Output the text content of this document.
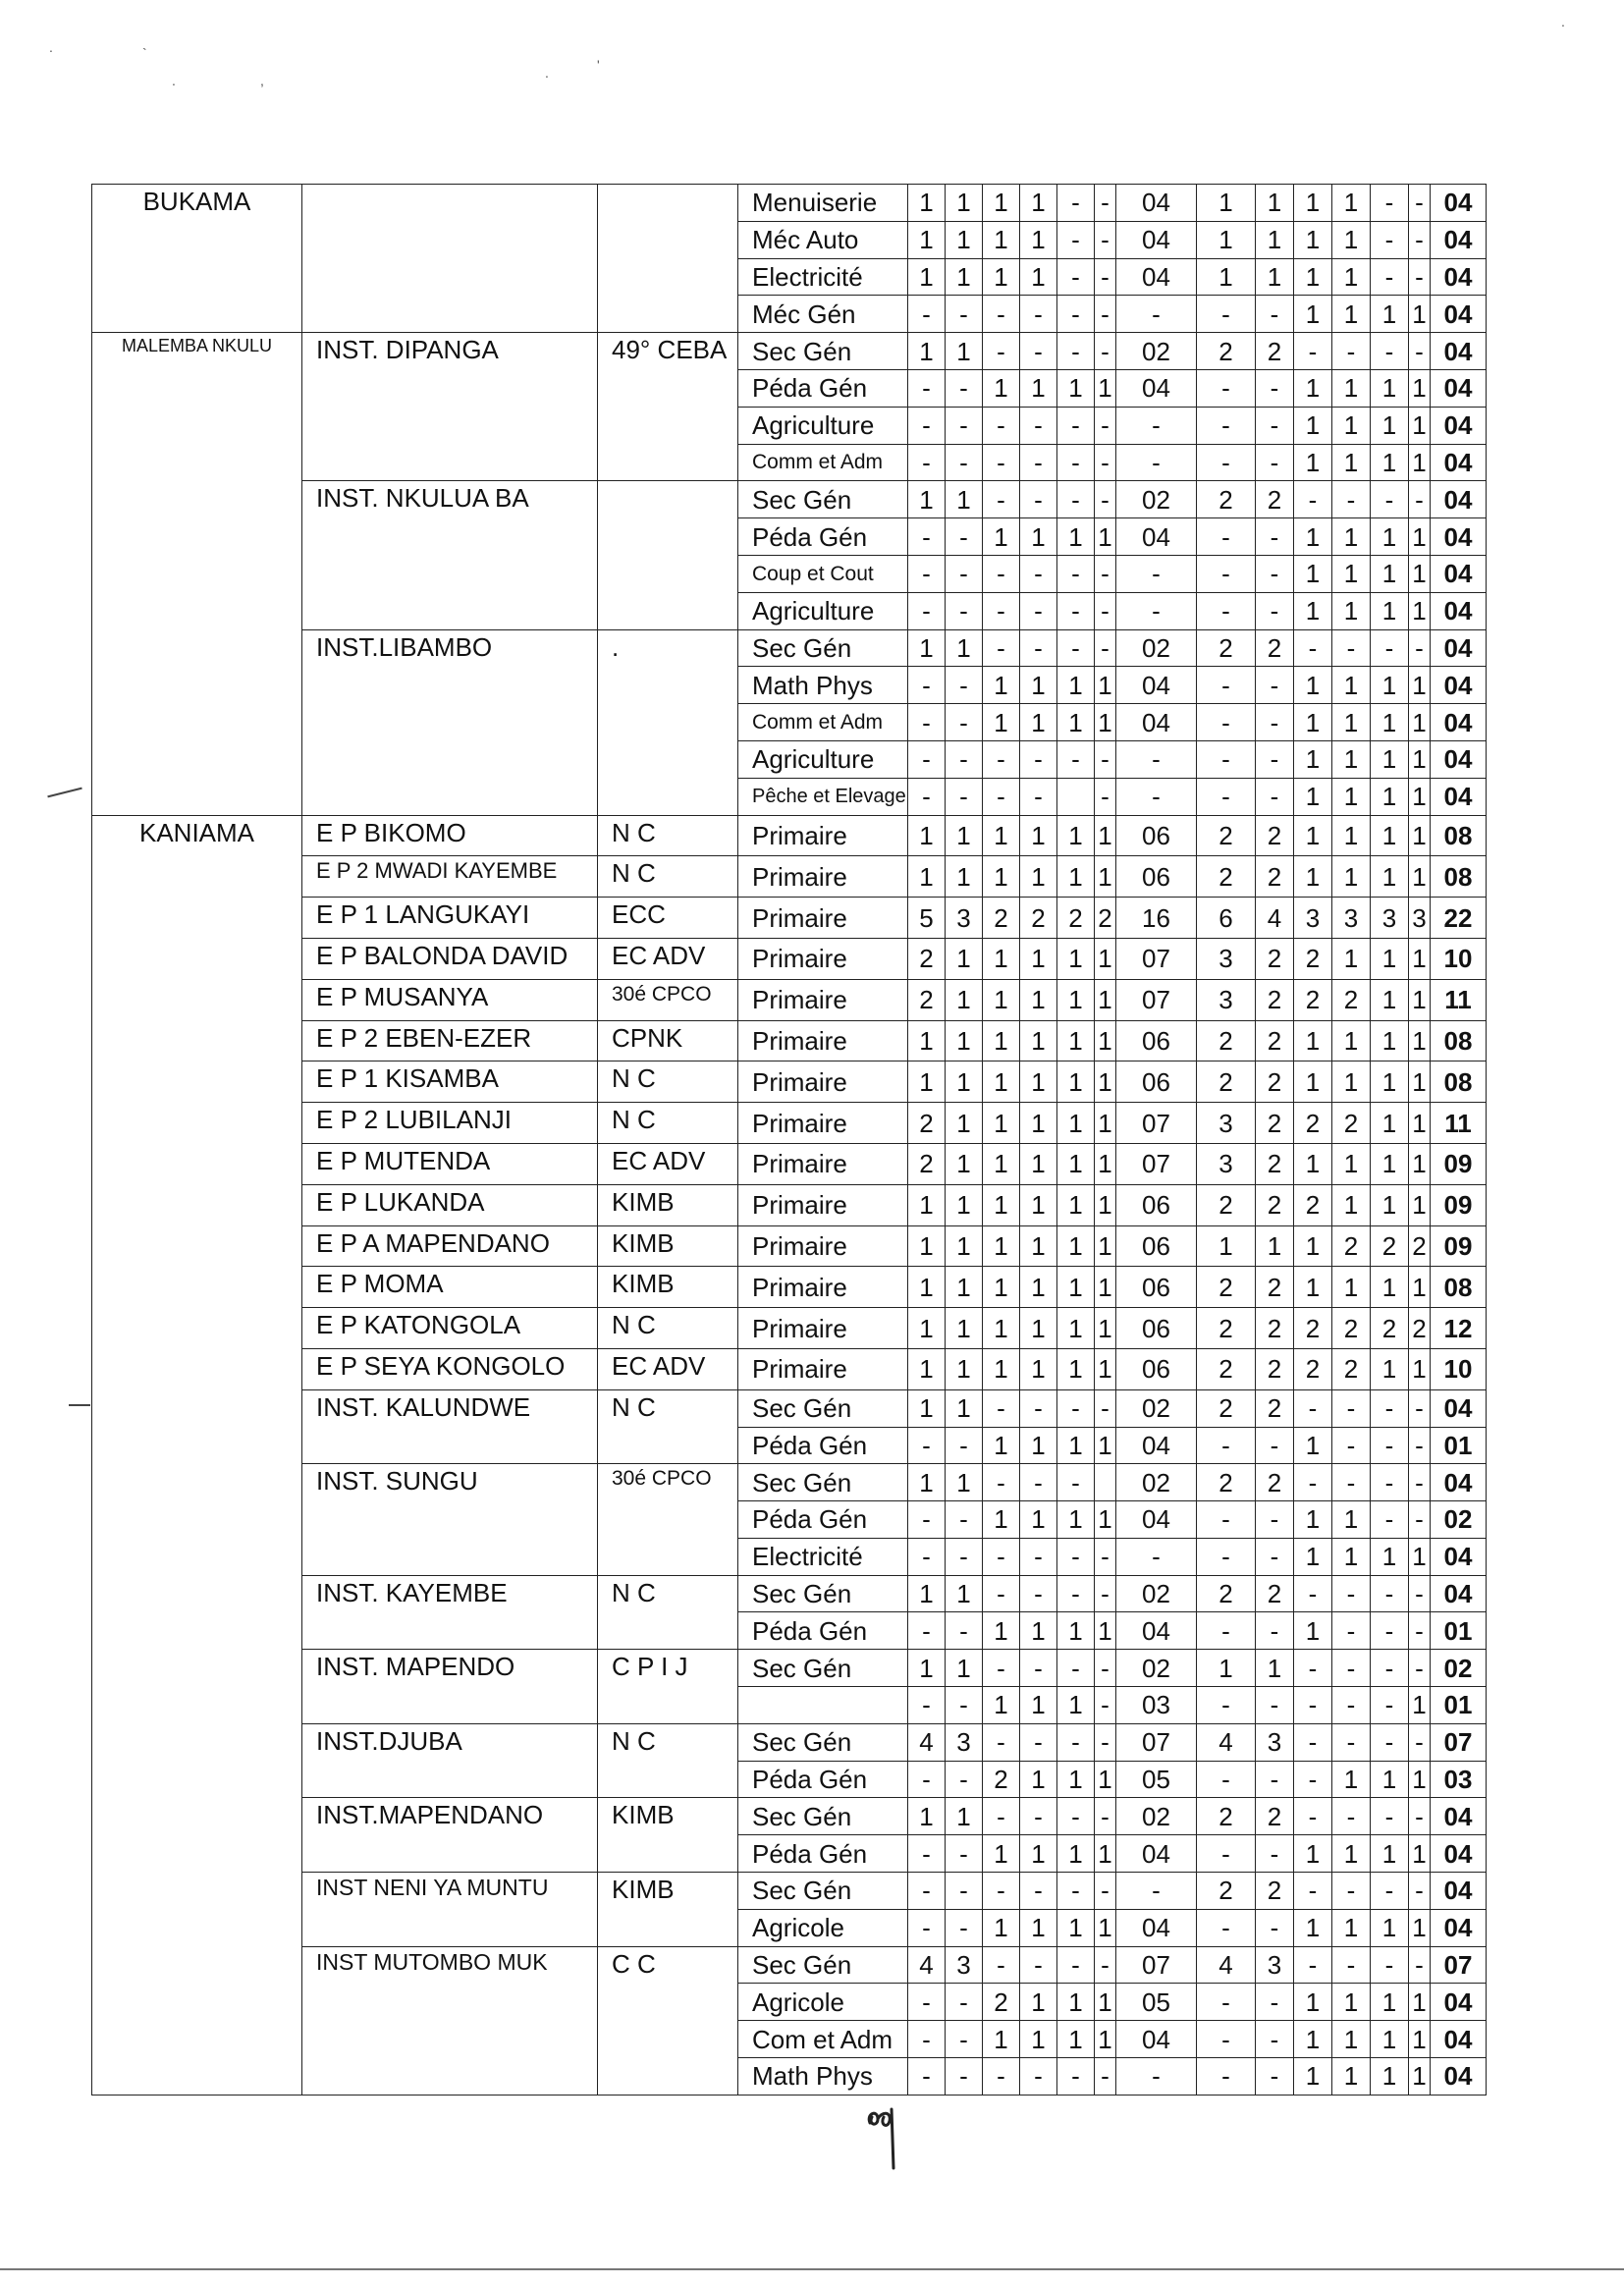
.	`
.	,	.	'
.
BUKAMA			Menuiserie	1	1	1	1	-	-	04	1	1	1	1	-	-	04
			Méc Auto	1	1	1	1	-	-	04	1	1	1	1	-	-	04
			Electricité	1	1	1	1	-	-	04	1	1	1	1	-	-	04
			Méc Gén	-	-	-	-	-	-	-	-	-	1	1	1	1	04
MALEMBA NKULU	INST. DIPANGA	49° CEBA	Sec Gén	1	1	-	-	-	-	02	2	2	-	-	-	-	04
			Péda Gén	-	-	1	1	1	1	04	-	-	1	1	1	1	04
			Agriculture	-	-	-	-	-	-	-	-	-	1	1	1	1	04
			Comm et Adm	-	-	-	-	-	-	-	-	-	1	1	1	1	04
	INST. NKULUA BA		Sec Gén	1	1	-	-	-	-	02	2	2	-	-	-	-	04
			Péda Gén	-	-	1	1	1	1	04	-	-	1	1	1	1	04
			Coup et Cout	-	-	-	-	-	-	-	-	-	1	1	1	1	04
			Agriculture	-	-	-	-	-	-	-	-	-	1	1	1	1	04
	INST.LIBAMBO	.	Sec Gén	1	1	-	-	-	-	02	2	2	-	-	-	-	04
			Math Phys	-	-	1	1	1	1	04	-	-	1	1	1	1	04
			Comm et Adm	-	-	1	1	1	1	04	-	-	1	1	1	1	04
			Agriculture	-	-	-	-	-	-	-	-	-	1	1	1	1	04
			Pêche et Elevage	-	-	-	-		-	-	-	-	1	1	1	1	04
KANIAMA	E P BIKOMO	N C	Primaire	1	1	1	1	1	1	06	2	2	1	1	1	1	08
	E P 2 MWADI KAYEMBE	N C	Primaire	1	1	1	1	1	1	06	2	2	1	1	1	1	08
	E P 1 LANGUKAYI	ECC	Primaire	5	3	2	2	2	2	16	6	4	3	3	3	3	22
	E P BALONDA DAVID	EC ADV	Primaire	2	1	1	1	1	1	07	3	2	2	1	1	1	10
	E P MUSANYA	30é CPCO	Primaire	2	1	1	1	1	1	07	3	2	2	2	1	1	11
	E P 2 EBEN-EZER	CPNK	Primaire	1	1	1	1	1	1	06	2	2	1	1	1	1	08
	E P 1 KISAMBA	N C	Primaire	1	1	1	1	1	1	06	2	2	1	1	1	1	08
	E P 2 LUBILANJI	N C	Primaire	2	1	1	1	1	1	07	3	2	2	2	1	1	11
	E P MUTENDA	EC ADV	Primaire	2	1	1	1	1	1	07	3	2	1	1	1	1	09
	E P LUKANDA	KIMB	Primaire	1	1	1	1	1	1	06	2	2	2	1	1	1	09
	E P A MAPENDANO	KIMB	Primaire	1	1	1	1	1	1	06	1	1	1	2	2	2	09
	E P MOMA	KIMB	Primaire	1	1	1	1	1	1	06	2	2	1	1	1	1	08
	E P KATONGOLA	N C	Primaire	1	1	1	1	1	1	06	2	2	2	2	2	2	12
	E P SEYA KONGOLO	EC ADV	Primaire	1	1	1	1	1	1	06	2	2	2	2	1	1	10
	INST. KALUNDWE	N C	Sec Gén	1	1	-	-	-	-	02	2	2	-	-	-	-	04
			Péda Gén	-	-	1	1	1	1	04	-	-	1	-	-	-	01
	INST. SUNGU	30é CPCO	Sec Gén	1	1	-	-	-		02	2	2	-	-	-	-	04
			Péda Gén	-	-	1	1	1	1	04	-	-	1	1	-	-	02
			Electricité	-	-	-	-	-	-	-	-	-	1	1	1	1	04
	INST. KAYEMBE	N C	Sec Gén	1	1	-	-	-	-	02	2	2	-	-	-	-	04
			Péda Gén	-	-	1	1	1	1	04	-	-	1	-	-	-	01
	INST. MAPENDO	C P I J	Sec Gén	1	1	-	-	-	-	02	1	1	-	-	-	-	02
				-	-	1	1	1	-	03	-	-	-	-	-	1	01
	INST.DJUBA	N C	Sec Gén	4	3	-	-	-	-	07	4	3	-	-	-	-	07
			Péda Gén	-	-	2	1	1	1	05	-	-	-	1	1	1	03
	INST.MAPENDANO	KIMB	Sec Gén	1	1	-	-	-	-	02	2	2	-	-	-	-	04
			Péda Gén	-	-	1	1	1	1	04	-	-	1	1	1	1	04
	INST NENI YA MUNTU	KIMB	Sec Gén	-	-	-	-	-	-	-	2	2	-	-	-	-	04
			Agricole	-	-	1	1	1	1	04	-	-	1	1	1	1	04
	INST MUTOMBO MUK	C C	Sec Gén	4	3	-	-	-	-	07	4	3	-	-	-	-	07
			Agricole	-	-	2	1	1	1	05	-	-	1	1	1	1	04
			Com et Adm	-	-	1	1	1	1	04	-	-	1	1	1	1	04
			Math Phys	-	-	-	-	-	-	-	-	-	1	1	1	1	04
